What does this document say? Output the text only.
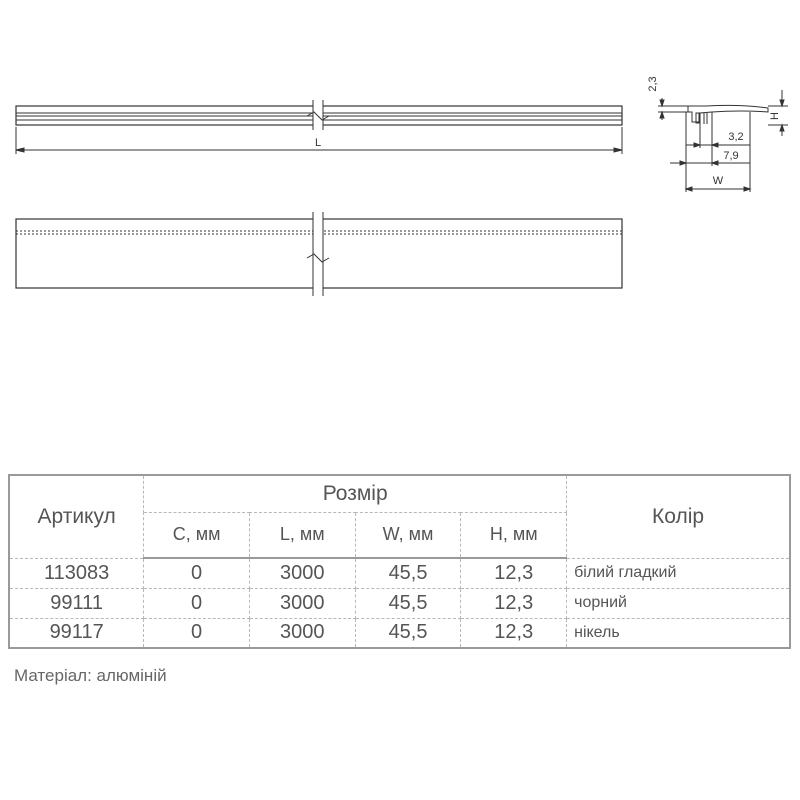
L
2,3
H
3,2
7,9
W
Артикул	Розмір				Колір
	С, мм	L, мм	W, мм	H, мм	
113083	0	3000	45,5	12,3	білий гладкий
99111	0	3000	45,5	12,3	чорний
99117	0	3000	45,5	12,3	нікель
Матеріал: алюміній
